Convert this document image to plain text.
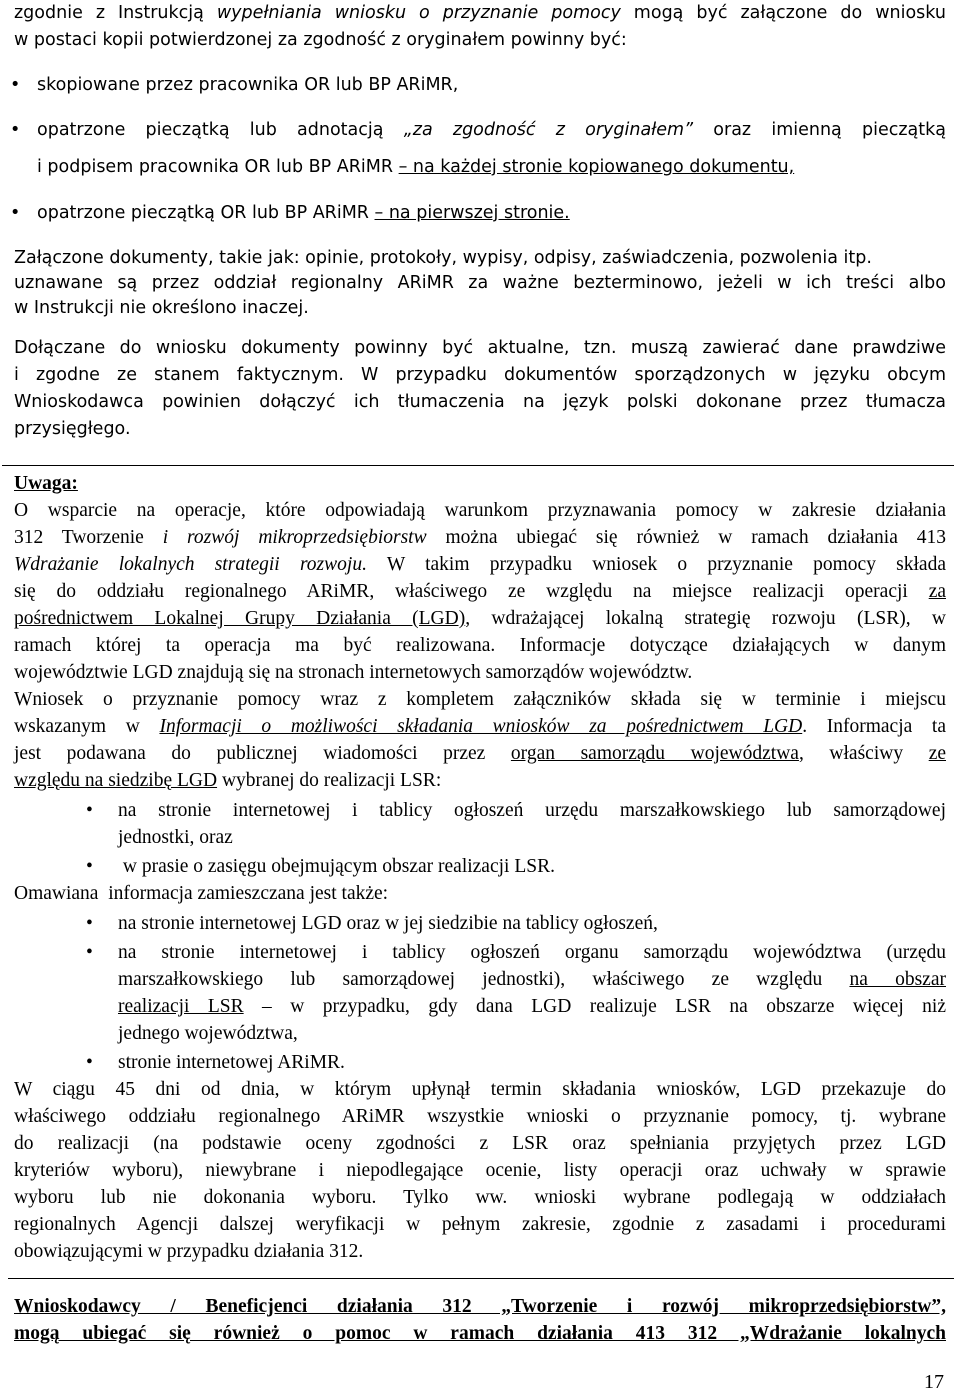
zgodnie z Instrukcją wypełniania wniosku o przyznanie pomocy mogą być załączone do wniosku
w postaci kopii potwierdzonej za zgodność z oryginałem powinny być:
• skopiowane przez pracownika OR lub BP ARiMR,
• opatrzone pieczątką lub adnotacją „za zgodność z oryginałem” oraz imienną pieczątką
i podpisem pracownika OR lub BP ARiMR – na każdej stronie kopiowanego dokumentu,
• opatrzone pieczątką OR lub BP ARiMR – na pierwszej stronie.
Załączone dokumenty, takie jak: opinie, protokoły, wypisy, odpisy, zaświadczenia, pozwolenia itp.
uznawane są przez oddział regionalny ARiMR za ważne bezterminowo, jeżeli w ich treści albo
w Instrukcji nie określono inaczej.
Dołączane do wniosku dokumenty powinny być aktualne, tzn. muszą zawierać dane prawdziwe
i zgodne ze stanem faktycznym. W przypadku dokumentów sporządzonych w języku obcym
Wnioskodawca powinien dołączyć ich tłumaczenia na język polski dokonane przez tłumacza
przysięgłego.
Uwaga:
O wsparcie na operacje, które odpowiadają warunkom przyznawania pomocy w zakresie działania
312 Tworzenie i rozwój mikroprzedsiębiorstw można ubiegać się również w ramach działania 413
Wdrażanie lokalnych strategii rozwoju. W takim przypadku wniosek o przyznanie pomocy składa
się do oddziału regionalnego ARiMR, właściwego ze względu na miejsce realizacji operacji za
pośrednictwem Lokalnej Grupy Działania (LGD), wdrażającej lokalną strategię rozwoju (LSR), w
ramach której ta operacja ma być realizowana. Informacje dotyczące działających w danym
województwie LGD znajdują się na stronach internetowych samorządów województw.
Wniosek o przyznanie pomocy wraz z kompletem załączników składa się w terminie i miejscu
wskazanym w Informacji o możliwości składania wniosków za pośrednictwem LGD. Informacja ta
jest podawana do publicznej wiadomości przez organ samorządu województwa, właściwy ze
względu na siedzibę LGD wybranej do realizacji LSR:
• na stronie internetowej i tablicy ogłoszeń urzędu marszałkowskiego lub samorządowej
jednostki, oraz
• w prasie o zasięgu obejmującym obszar realizacji LSR.
Omawiana  informacja zamieszczana jest także:
• na stronie internetowej LGD oraz w jej siedzibie na tablicy ogłoszeń,
• na stronie internetowej i tablicy ogłoszeń organu samorządu województwa (urzędu
marszałkowskiego lub samorządowej jednostki), właściwego ze względu na obszar
realizacji LSR – w przypadku, gdy dana LGD realizuje LSR na obszarze więcej niż
jednego województwa,
• stronie internetowej ARiMR.
W ciągu 45 dni od dnia, w którym upłynął termin składania wniosków, LGD przekazuje do
właściwego oddziału regionalnego ARiMR wszystkie wnioski o przyznanie pomocy, tj. wybrane
do realizacji (na podstawie oceny zgodności z LSR oraz spełniania przyjętych przez LGD
kryteriów wyboru), niewybrane i niepodlegające ocenie, listy operacji oraz uchwały w sprawie
wyboru lub nie dokonania wyboru. Tylko ww. wnioski wybrane podlegają w oddziałach
regionalnych Agencji dalszej weryfikacji w pełnym zakresie, zgodnie z zasadami i procedurami
obowiązującymi w przypadku działania 312.
Wnioskodawcy / Beneficjenci działania 312 „Tworzenie i rozwój mikroprzedsiębiorstw”,
mogą ubiegać się również o pomoc w ramach działania 413 312 „Wdrażanie lokalnych
17
